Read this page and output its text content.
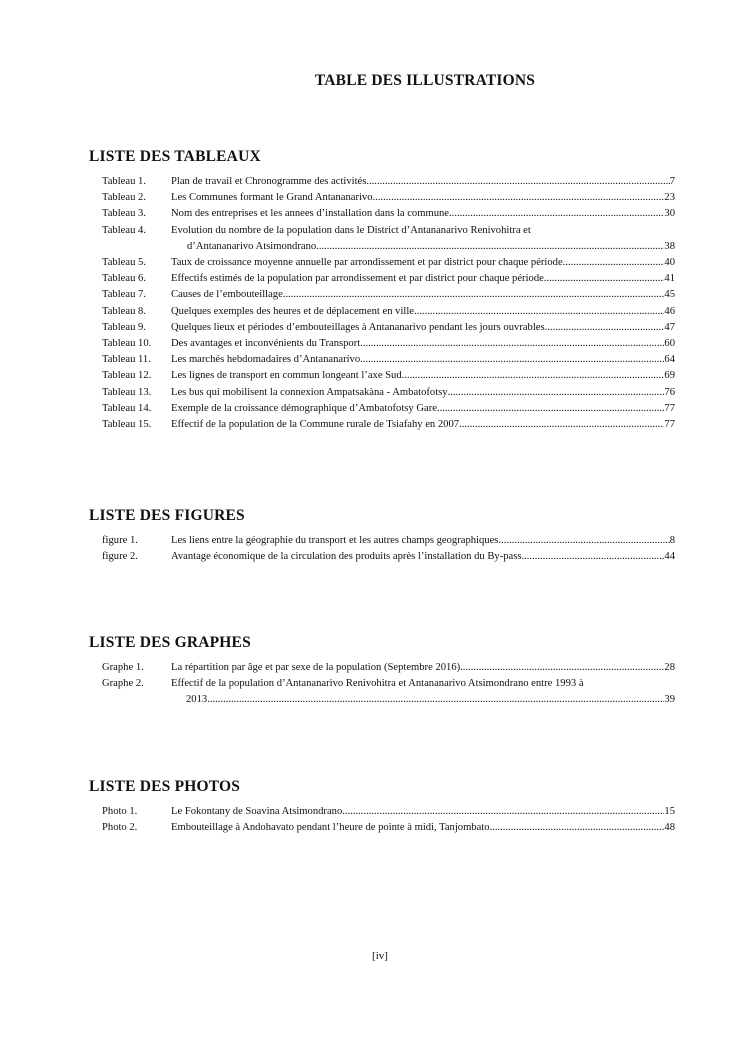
TABLE DES ILLUSTRATIONS
LISTE DES TABLEAUX
Tableau 1. Plan de travail et Chronogramme des activités .....	7
Tableau 2. Les Communes formant le Grand Antananarivo .....	23
Tableau 3. Nom des entreprises et les annees d’installation dans la commune .....	30
Tableau 4. Evolution du nombre de la population dans le District d’Antananarivo Renivohitra et
d’Antananarivo Atsimondrano .....	38
Tableau 5. Taux de croissance moyenne annuelle par arrondissement et par district pour chaque période .....	40
Tableau 6. Effectifs estimés de la population par arrondissement et par district pour chaque période .....	41
Tableau 7. Causes de l’embouteillage .....	45
Tableau 8. Quelques exemples des heures et de déplacement en ville. .....	46
Tableau 9. Quelques lieux et périodes d’embouteillages à Antananarivo pendant les jours ouvrables. .....	47
Tableau 10. Des avantages et inconvénients du Transport .....	60
Tableau 11. Les marchés hebdomadaires d’Antananarivo .....	64
Tableau 12. Les lignes de transport en commun longeant l’axe Sud .....	69
Tableau 13. Les bus qui mobilisent la connexion Ampatsakàna - Ambatofotsy .....	76
Tableau 14. Exemple de la croissance démographique d’Ambatofotsy Gare .....	77
Tableau 15. Effectif de la population de la Commune rurale de Tsiafahy en 2007 .....	77
LISTE DES FIGURES
figure 1.	Les liens entre la géographie du transport et les autres champs geographiques .....	8
figure 2.	Avantage économique de la circulation des produits après l’installation du By-pass .....	44
LISTE DES GRAPHES
Graphe 1.	La répartition par âge et par sexe de la population (Septembre 2016) .....	28
Graphe 2.	Effectif de la population d’Antananarivo Renivohitra et Antananarivo Atsimondrano entre 1993 à
2013 .....	39
LISTE DES PHOTOS
Photo 1.	Le Fokontany de Soavina Atsimondrano .....	15
Photo 2.	Embouteillage à Andohavato pendant l’heure de pointe à midi, Tanjombato .....	48
[iv]
